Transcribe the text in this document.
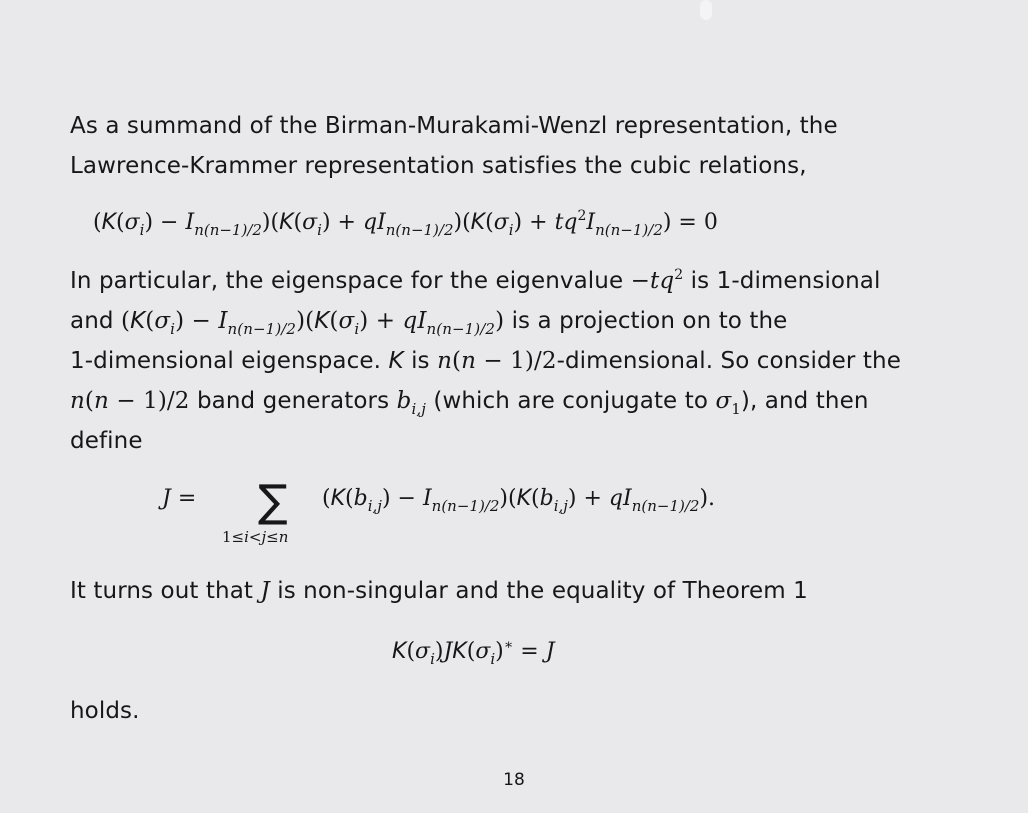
As a summand of the Birman-Murakami-Wenzl representation, the
Lawrence-Krammer representation satisfies the cubic relations,
$(K(\sigma_i) - I_{n(n-1)/2})(K(\sigma_i) + qI_{n(n-1)/2})(K(\sigma_i) + tq^2I_{n(n-1)/2}) = 0$
In particular, the eigenspace for the eigenvalue $-tq^2$ is 1-dimensional
and $(K(\sigma_i) - I_{n(n-1)/2})(K(\sigma_i) + qI_{n(n-1)/2})$ is a projection on to the
1-dimensional eigenspace. K is n(n − 1)/2-dimensional. So consider the
n(n − 1)/2 band generators $b_{i,j}$ (which are conjugate to $\sigma_1$), and then
define
J = ∑
1≤i<j≤n
$(K(b_{i,j}) - I_{n(n-1)/2})(K(b_{i,j}) + qI_{n(n-1)/2})$.
It turns out that J is non-singular and the equality of Theorem 1
$K(\sigma_i)JK(\sigma_i)^∗ = J$
holds.
18
